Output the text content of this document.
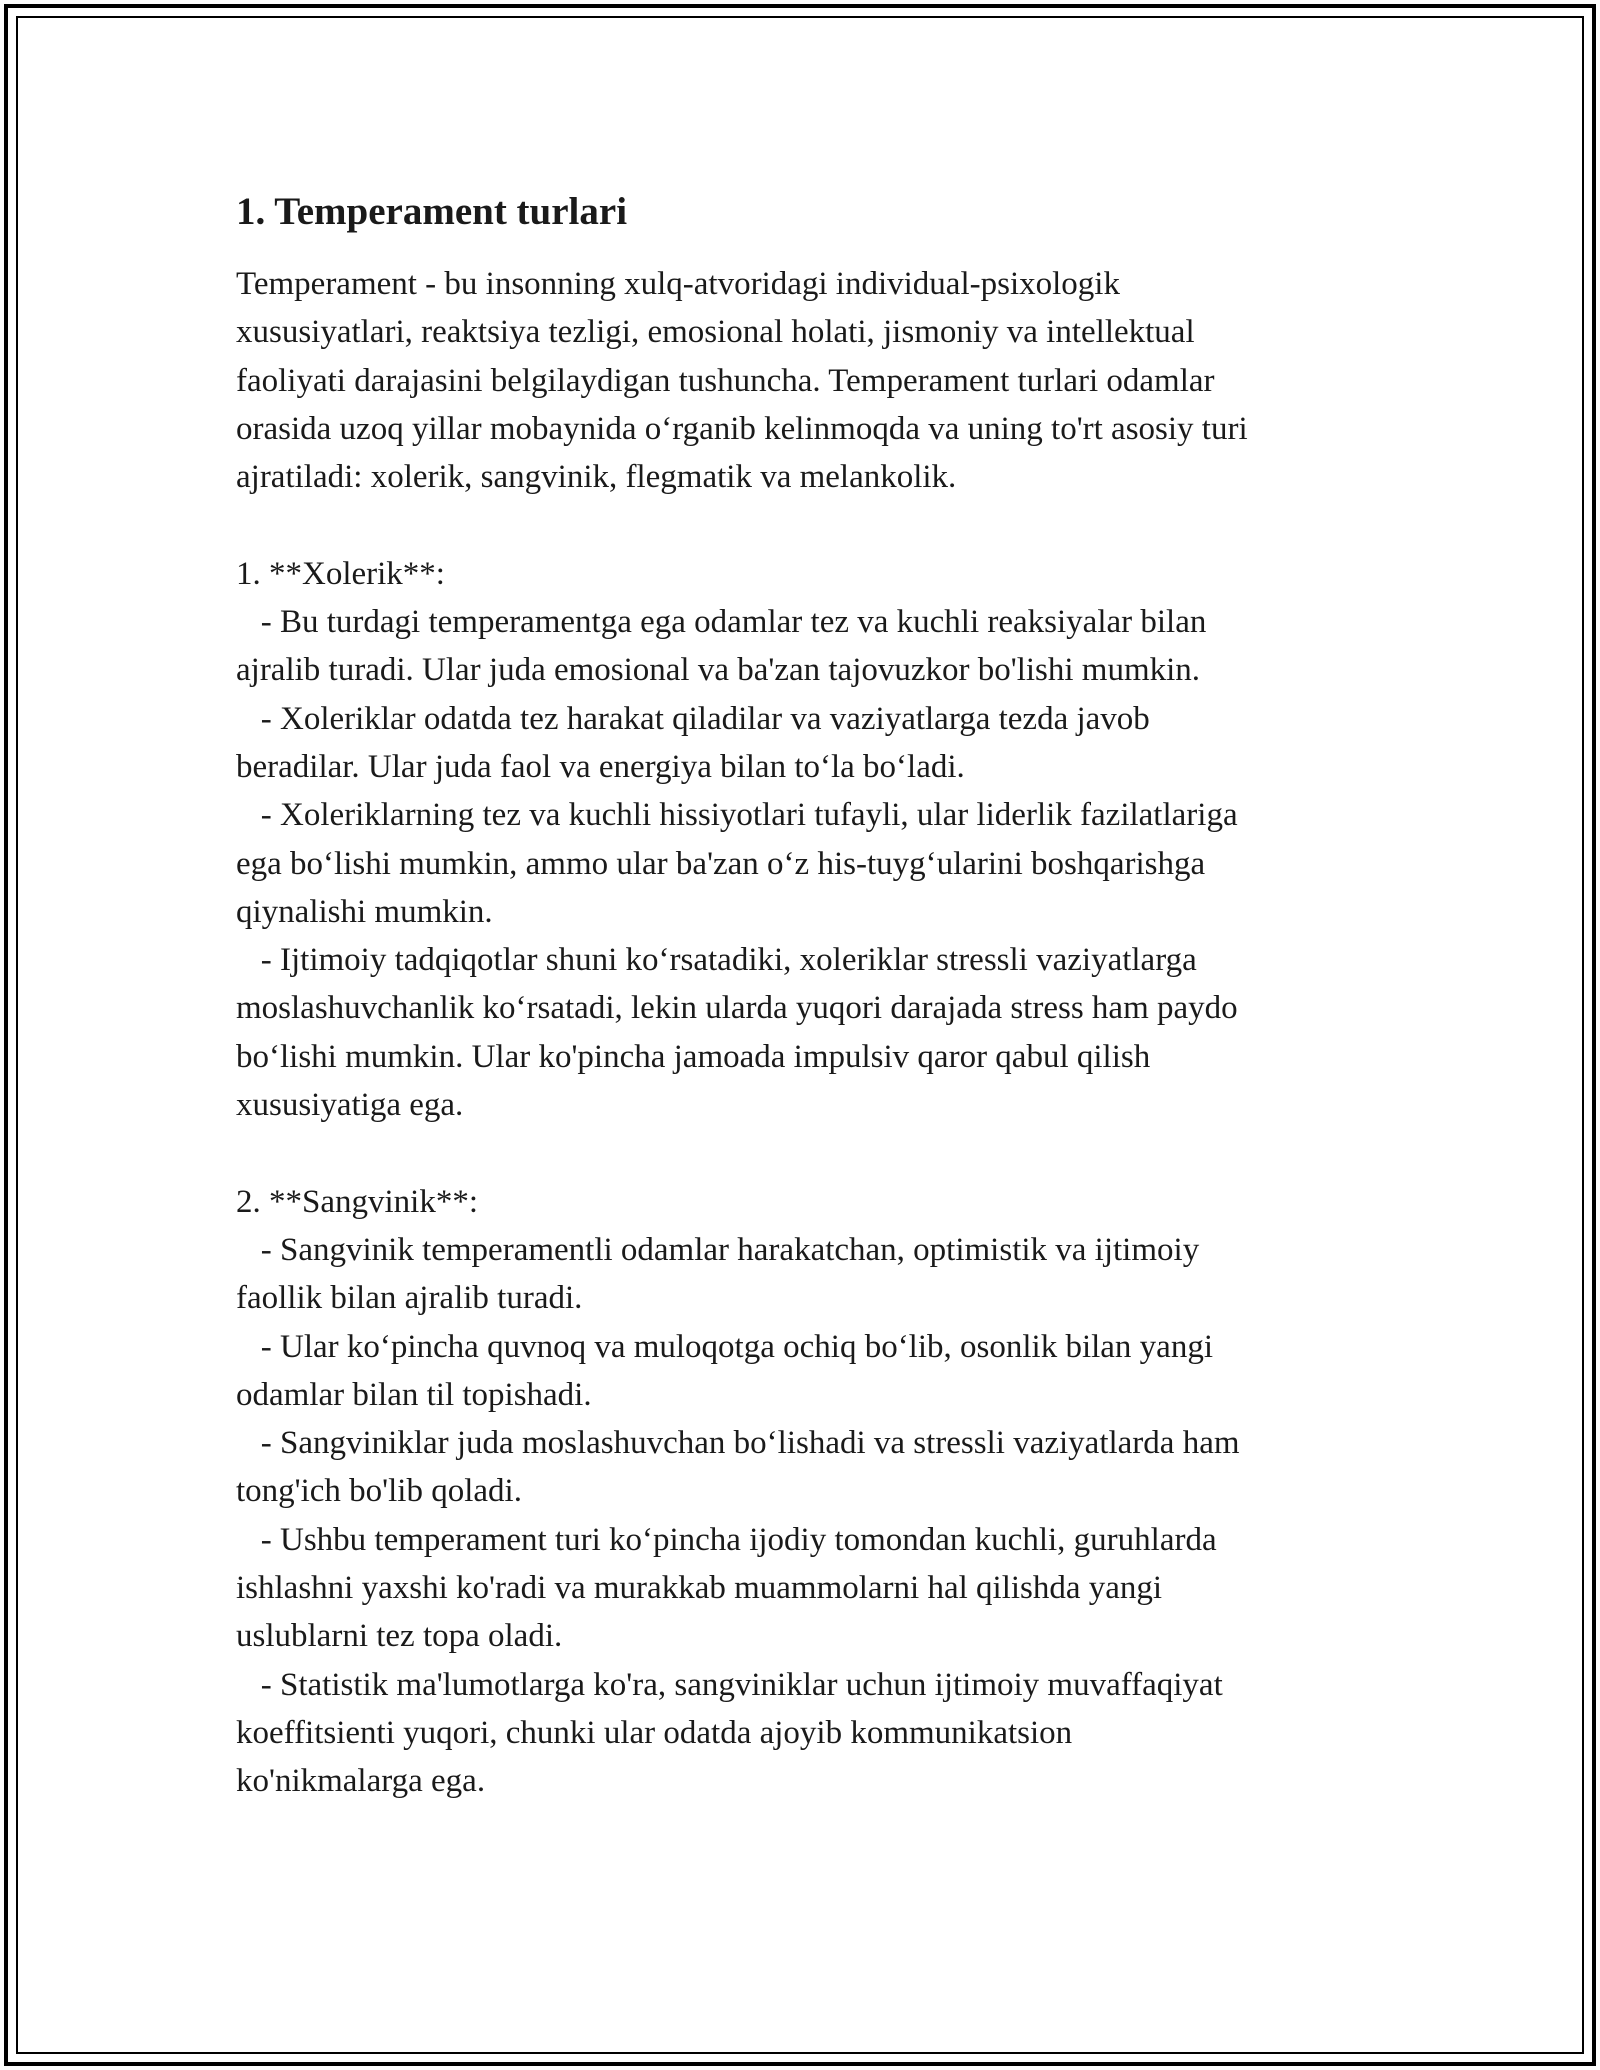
1. Temperament turlari

Temperament - bu insonning xulq-atvoridagi individual-psixologik
xususiyatlari, reaktsiya tezligi, emosional holati, jismoniy va intellektual
faoliyati darajasini belgilaydigan tushuncha. Temperament turlari odamlar
orasida uzoq yillar mobaynida o‘rganib kelinmoqda va uning to'rt asosiy turi
ajratiladi: xolerik, sangvinik, flegmatik va melankolik.

1. **Xolerik**:
- Bu turdagi temperamentga ega odamlar tez va kuchli reaksiyalar bilan
ajralib turadi. Ular juda emosional va ba'zan tajovuzkor bo'lishi mumkin.
- Xoleriklar odatda tez harakat qiladilar va vaziyatlarga tezda javob
beradilar. Ular juda faol va energiya bilan to‘la bo‘ladi.
- Xoleriklarning tez va kuchli hissiyotlari tufayli, ular liderlik fazilatlariga
ega bo‘lishi mumkin, ammo ular ba'zan o‘z his-tuyg‘ularini boshqarishga
qiynalishi mumkin.
- Ijtimoiy tadqiqotlar shuni ko‘rsatadiki, xoleriklar stressli vaziyatlarga
moslashuvchanlik ko‘rsatadi, lekin ularda yuqori darajada stress ham paydo
bo‘lishi mumkin. Ular ko'pincha jamoada impulsiv qaror qabul qilish
xususiyatiga ega.

2. **Sangvinik**:
- Sangvinik temperamentli odamlar harakatchan, optimistik va ijtimoiy
faollik bilan ajralib turadi.
- Ular ko‘pincha quvnoq va muloqotga ochiq bo‘lib, osonlik bilan yangi
odamlar bilan til topishadi.
- Sangviniklar juda moslashuvchan bo‘lishadi va stressli vaziyatlarda ham
tong'ich bo'lib qoladi.
- Ushbu temperament turi ko‘pincha ijodiy tomondan kuchli, guruhlarda
ishlashni yaxshi ko'radi va murakkab muammolarni hal qilishda yangi
uslublarni tez topa oladi.
- Statistik ma'lumotlarga ko'ra, sangviniklar uchun ijtimoiy muvaffaqiyat
koeffitsienti yuqori, chunki ular odatda ajoyib kommunikatsion
ko'nikmalarga ega.
